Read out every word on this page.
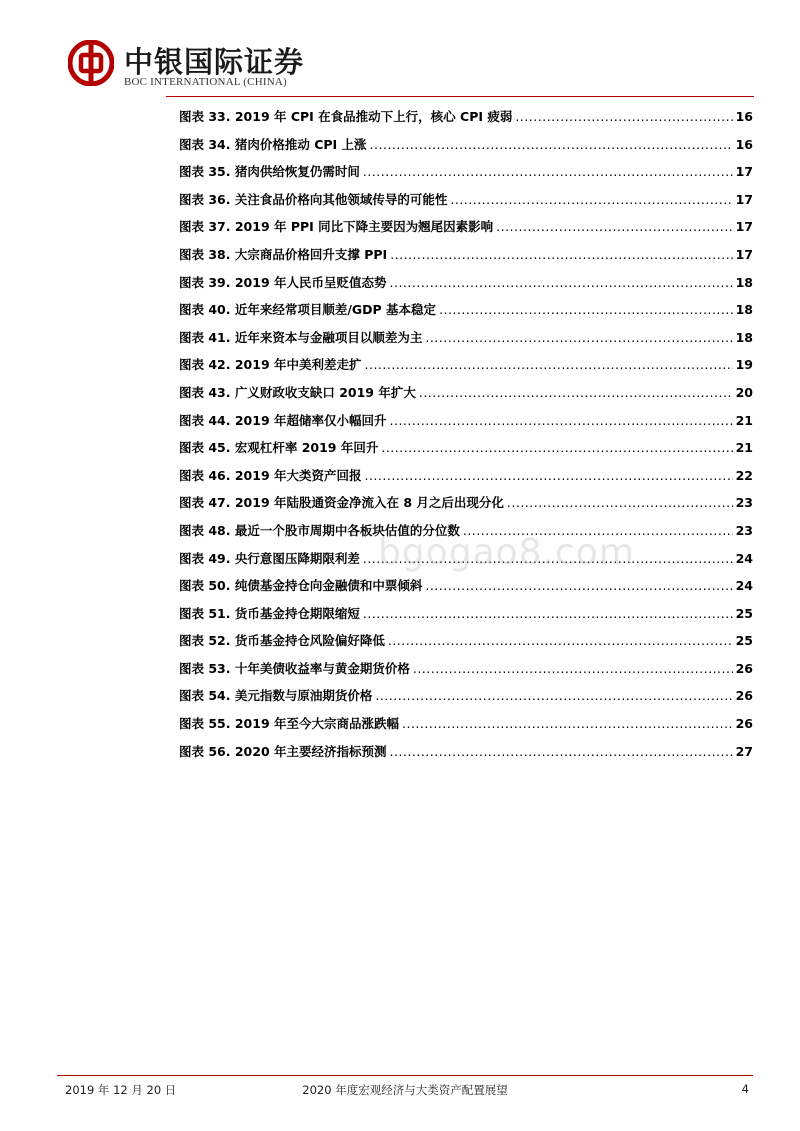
中银国际证券
BOC INTERNATIONAL (CHINA)
图表 33. 2019 年 CPI 在食品推动下上行，核心 CPI 疲弱 .....	16
图表 34. 猪肉价格推动 CPI 上涨 .....	16
图表 35. 猪肉供给恢复仍需时间 .....	17
图表 36. 关注食品价格向其他领域传导的可能性 .....	17
图表 37. 2019 年 PPI 同比下降主要因为翘尾因素影响 .....	17
图表 38. 大宗商品价格回升支撑 PPI .....	17
图表 39. 2019 年人民币呈贬值态势 .....	18
图表 40. 近年来经常项目顺差/GDP 基本稳定 .....	18
图表 41. 近年来资本与金融项目以顺差为主 .....	18
图表 42. 2019 年中美利差走扩 .....	19
图表 43. 广义财政收支缺口 2019 年扩大 .....	20
图表 44. 2019 年超储率仅小幅回升 .....	21
图表 45. 宏观杠杆率 2019 年回升 .....	21
图表 46. 2019 年大类资产回报 .....	22
图表 47. 2019 年陆股通资金净流入在 8 月之后出现分化 .....	23
图表 48. 最近一个股市周期中各板块估值的分位数 .....	23
图表 49. 央行意图压降期限利差 .....	24
图表 50. 纯债基金持仓向金融债和中票倾斜 .....	24
图表 51. 货币基金持仓期限缩短 .....	25
图表 52. 货币基金持仓风险偏好降低 .....	25
图表 53. 十年美债收益率与黄金期货价格 .....	26
图表 54. 美元指数与原油期货价格 .....	26
图表 55. 2019 年至今大宗商品涨跌幅 .....	26
图表 56. 2020 年主要经济指标预测 .....	27
bgogao8.com
2019 年 12 月 20 日	2020 年度宏观经济与大类资产配置展望	4
